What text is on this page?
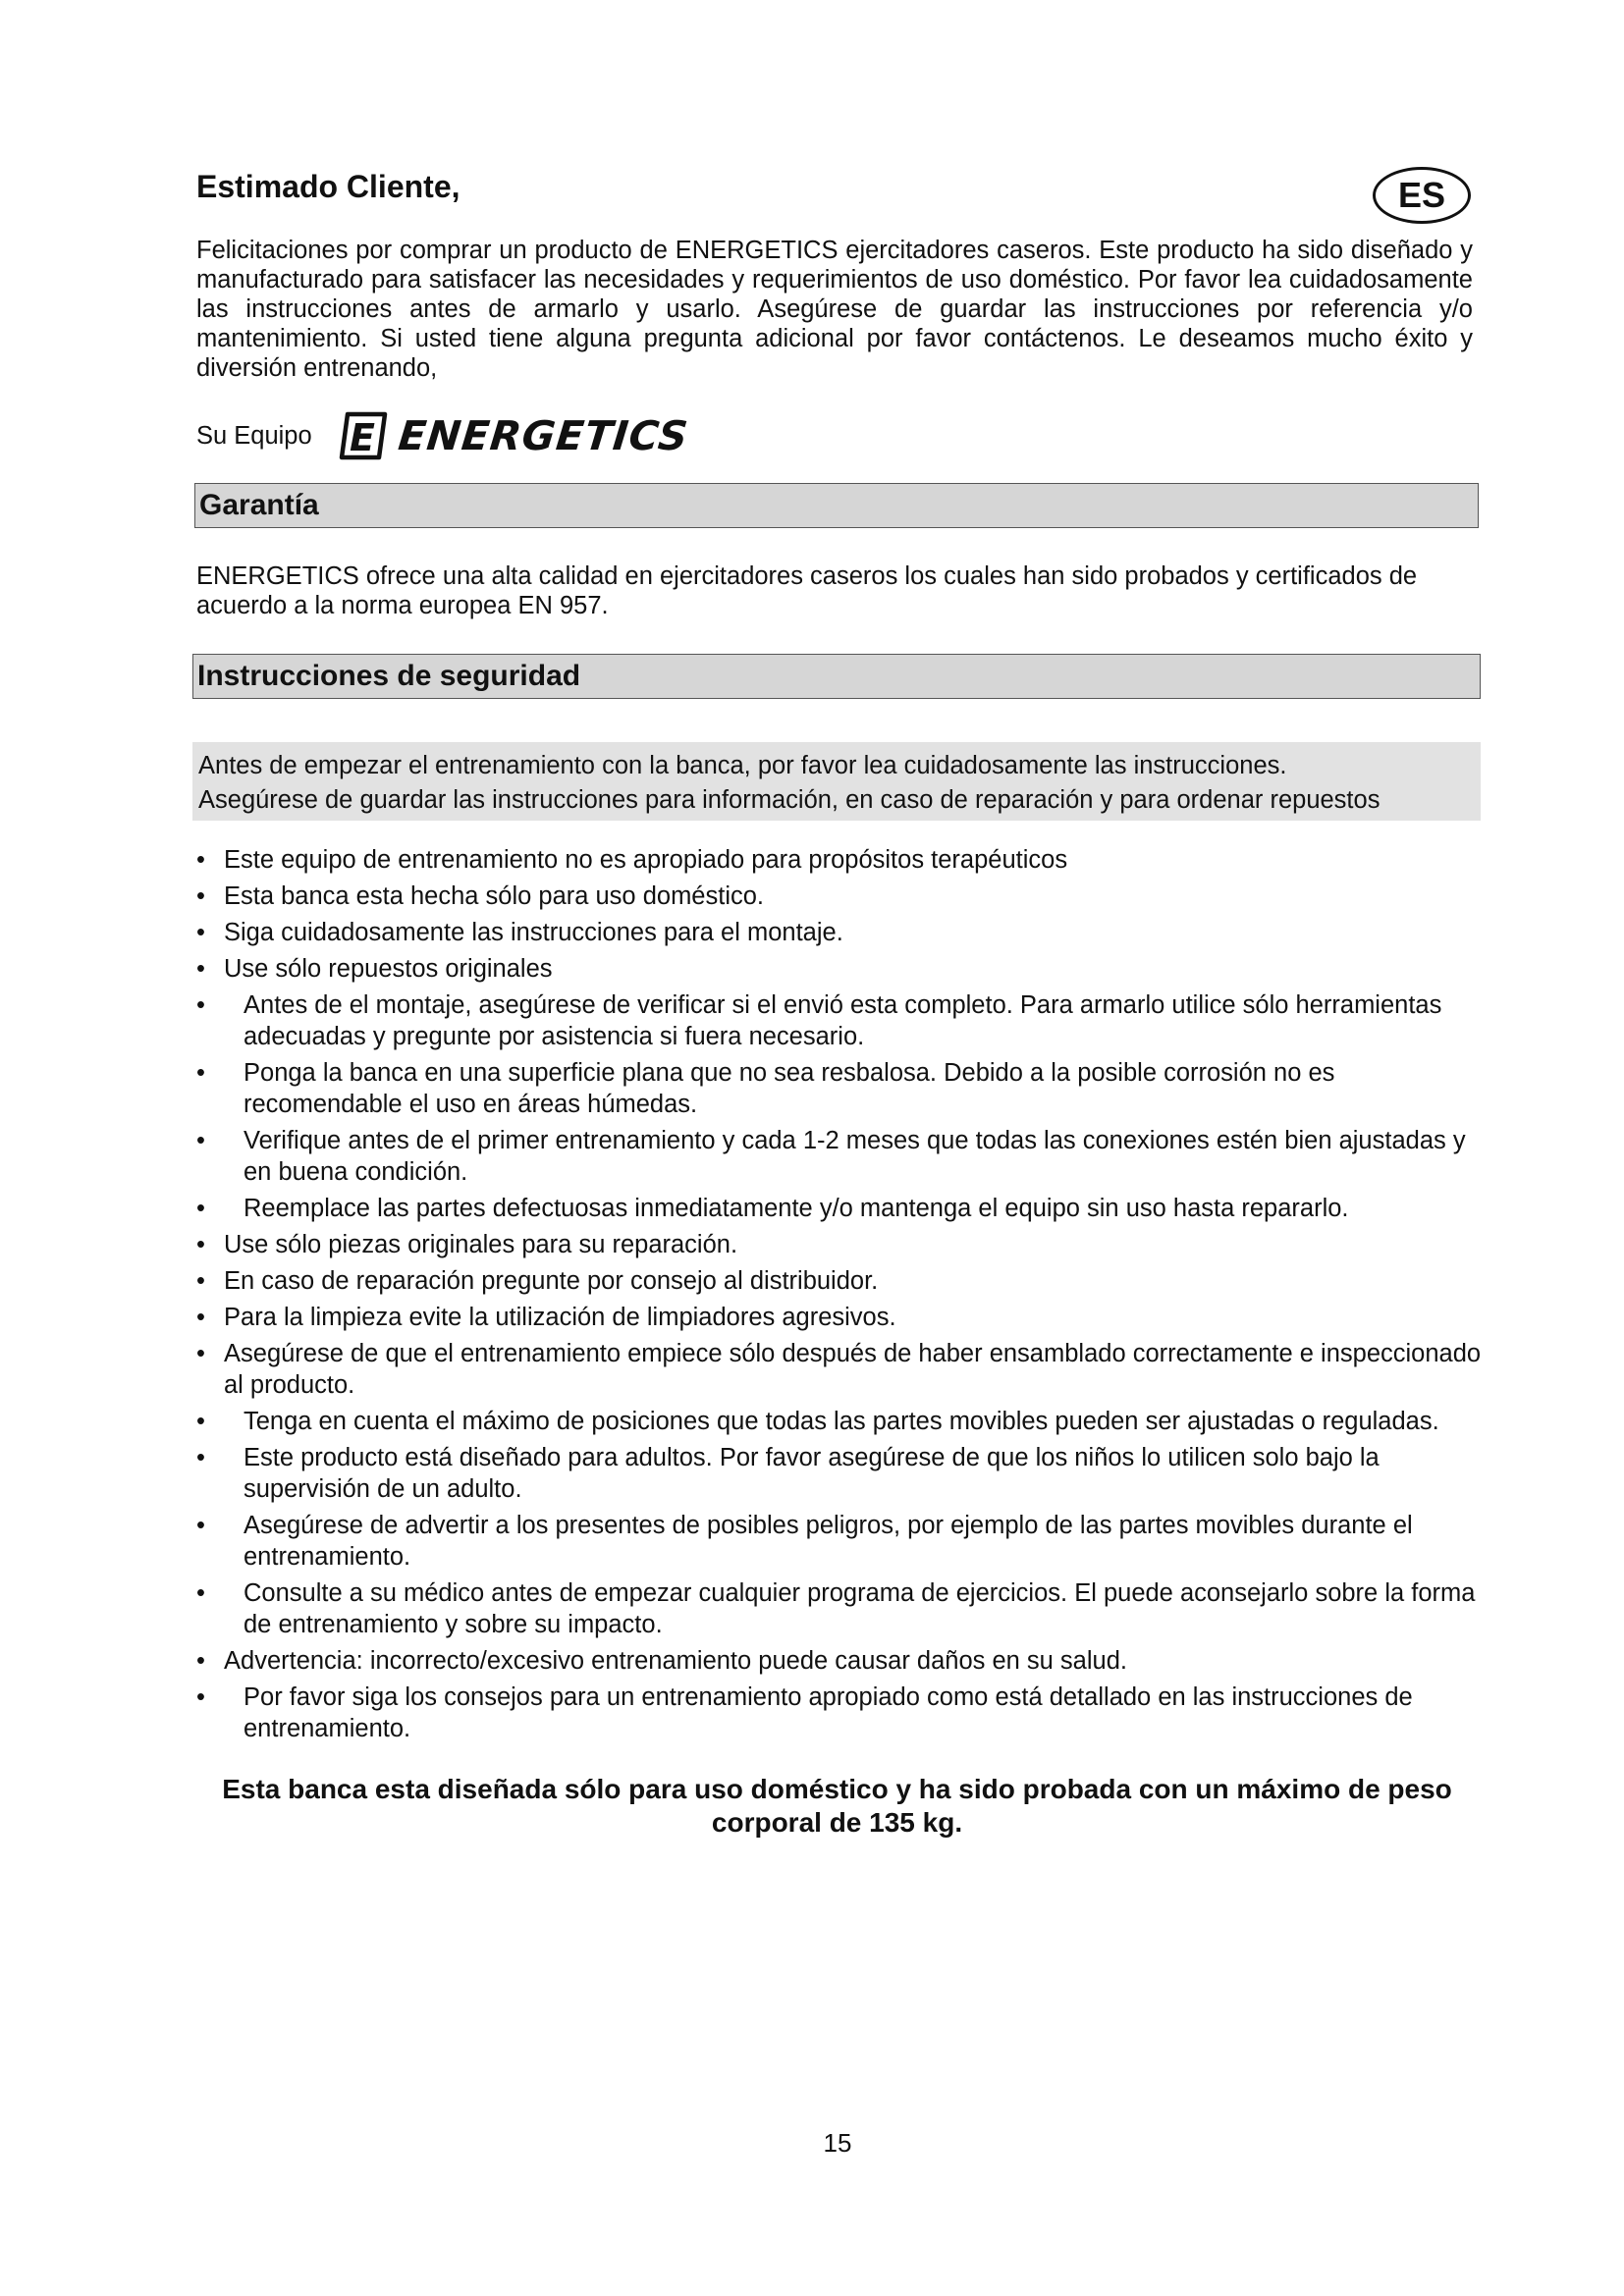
Estimado Cliente,	ES

Felicitaciones por comprar un producto de ENERGETICS ejercitadores caseros. Este producto ha sido diseñado y manufacturado para satisfacer las necesidades y requerimientos de uso doméstico. Por favor lea cuidadosamente las instrucciones antes de armarlo y usarlo. Asegúrese de guardar las instrucciones por referencia y/o mantenimiento. Si usted tiene alguna pregunta adicional por favor contáctenos. Le deseamos mucho éxito y diversión entrenando,

Su Equipo E ENERGETICS
Garantía

ENERGETICS ofrece una alta calidad en ejercitadores caseros los cuales han sido probados y certificados de acuerdo a la norma europea EN 957.

Instrucciones de seguridad
Antes de empezar el entrenamiento con la banca, por favor lea cuidadosamente las instrucciones.
Asegúrese de guardar las instrucciones para información, en caso de reparación y para ordenar repuestos
• Este equipo de entrenamiento no es apropiado para propósitos terapéuticos
• Esta banca esta hecha sólo para uso doméstico.
• Siga cuidadosamente las instrucciones para el montaje.
• Use sólo repuestos originales
• Antes de el montaje, asegúrese de verificar si el envió esta completo. Para armarlo utilice sólo herramientas adecuadas y pregunte por asistencia si fuera necesario.
• Ponga la banca en una superficie plana que no sea resbalosa. Debido a la posible corrosión no es recomendable el uso en áreas húmedas.
• Verifique antes de el primer entrenamiento y cada 1-2 meses que todas las conexiones estén bien ajustadas y en buena condición.
• Reemplace las partes defectuosas inmediatamente y/o mantenga el equipo sin uso hasta repararlo.
• Use sólo piezas originales para su reparación.
• En caso de reparación pregunte por consejo al distribuidor.
• Para la limpieza evite la utilización de limpiadores agresivos.
• Asegúrese de que el entrenamiento empiece sólo después de haber ensamblado correctamente e inspeccionado al producto.
• Tenga en cuenta el máximo de posiciones que todas las partes movibles pueden ser ajustadas o reguladas.
• Este producto está diseñado para adultos. Por favor asegúrese de que los niños lo utilicen solo bajo la supervisión de un adulto.
• Asegúrese de advertir a los presentes de posibles peligros, por ejemplo de las partes movibles durante el entrenamiento.
• Consulte a su médico antes de empezar cualquier programa de ejercicios. El puede aconsejarlo sobre la forma de entrenamiento y sobre su impacto.
• Advertencia: incorrecto/excesivo entrenamiento puede causar daños en su salud.
• Por favor siga los consejos para un entrenamiento apropiado como está detallado en las instrucciones de entrenamiento.

Esta banca esta diseñada sólo para uso doméstico y ha sido probada con un máximo de peso corporal de 135 kg.

15
